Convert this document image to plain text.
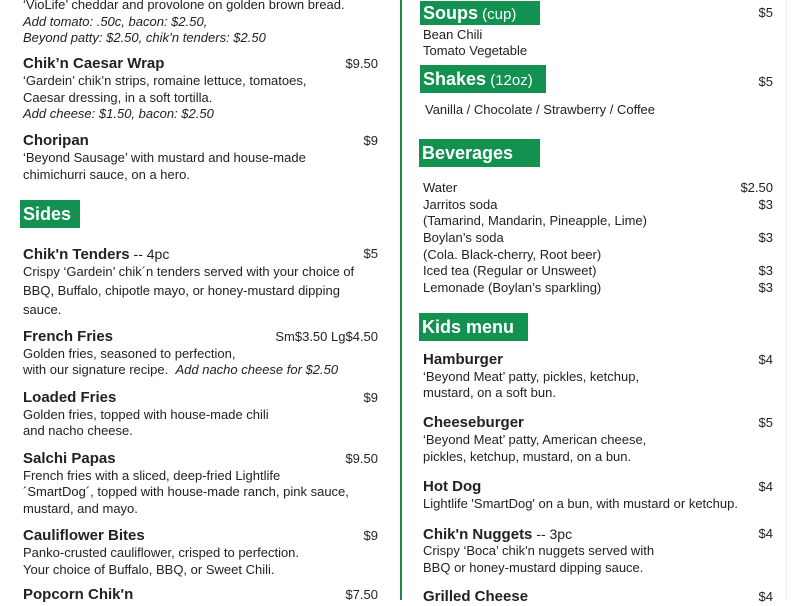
‘VioLife’ cheddar and provolone on golden brown bread.
Add tomato: .50c, bacon: $2.50,
Beyond patty: $2.50, chik’n tenders: $2.50
Chik’n Caesar Wrap	$9.50
‘Gardein’ chik’n strips, romaine lettuce, tomatoes,
Caesar dressing, in a soft tortilla.
Add cheese: $1.50, bacon: $2.50
Choripan	$9
‘Beyond Sausage’ with mustard and house-made
chimichurri sauce, on a hero.
Sides
Chik'n Tenders -- 4pc	$5
Crispy ‘Gardein’ chik´n tenders served with your choice of
BBQ, Buffalo, chipotle mayo, or honey-mustard dipping
sauce.
French Fries	Sm$3.50 Lg$4.50
Golden fries, seasoned to perfection,
with our signature recipe.  Add nacho cheese for $2.50
Loaded Fries	$9
Golden fries, topped with house-made chili
and nacho cheese.
Salchi Papas	$9.50
French fries with a sliced, deep-fried Lightlife
´SmartDog´, topped with house-made ranch, pink sauce,
mustard, and mayo.
Cauliflower Bites	$9
Panko-crusted cauliflower, crisped to perfection.
Your choice of Buffalo, BBQ, or Sweet Chili.
Popcorn Chik'n	$7.50
Soups (cup)	$5
Bean Chili
Tomato Vegetable
Shakes (12oz)	$5
Vanilla / Chocolate / Strawberry / Coffee
Beverages
Water	$2.50
Jarritos soda	$3
(Tamarind, Mandarin, Pineapple, Lime)
Boylan’s soda	$3
(Cola. Black-cherry, Root beer)
Iced tea (Regular or Unsweet)	$3
Lemonade (Boylan’s sparkling)	$3
Kids menu
Hamburger	$4
‘Beyond Meat’ patty, pickles, ketchup,
mustard, on a soft bun.
Cheeseburger	$5
‘Beyond Meat’ patty, American cheese,
pickles, ketchup, mustard, on a bun.
Hot Dog	$4
Lightlife 'SmartDog' on a bun, with mustard or ketchup.
Chik'n Nuggets -- 3pc	$4
Crispy ‘Boca’ chik'n nuggets served with
BBQ or honey-mustard dipping sauce.
Grilled Cheese	$4
